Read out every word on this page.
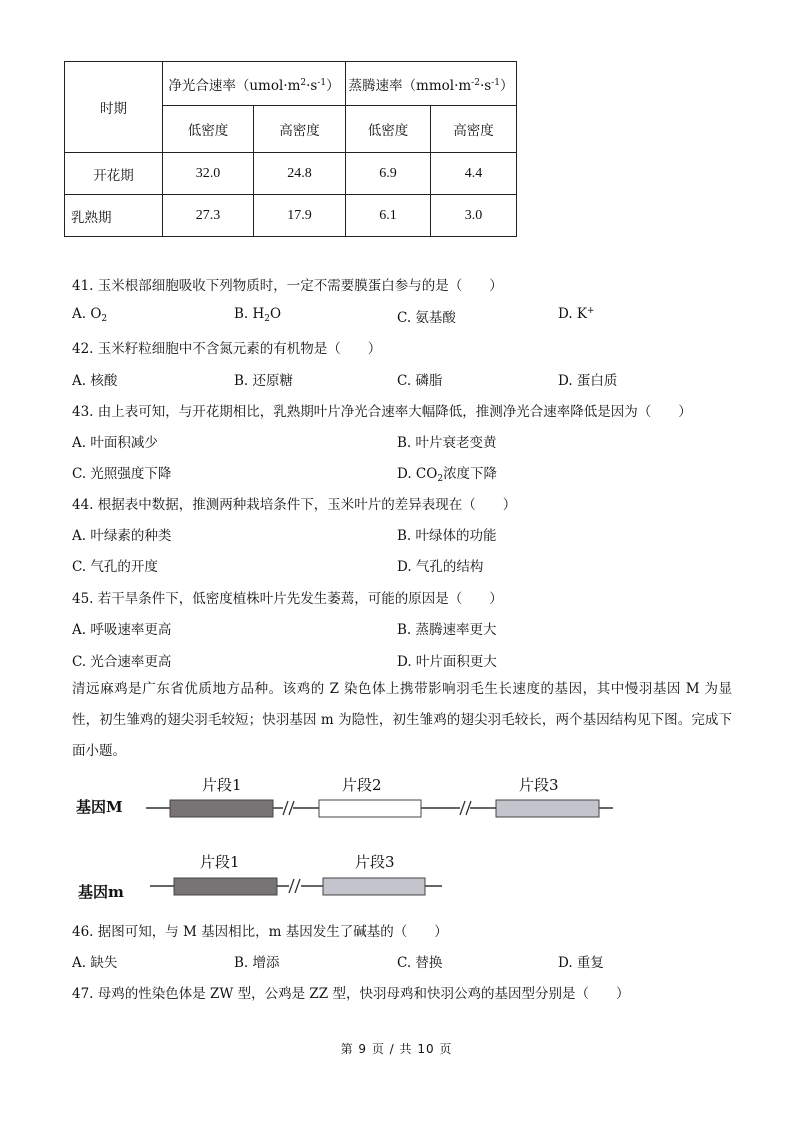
时期	净光合速率$(umol\cdot m^2\cdot s^{-1})$		蒸腾速率$(mmol\cdot m^{-2}\cdot s^{-1})$	
	低密度	高密度	低密度	高密度
开花期	32.0	24.8	6.9	4.4
乳熟期	27.3	17.9	6.1	3.0
41. 玉米根部细胞吸收下列物质时，一定不需要膜蛋白参与的是（　　）
A. $O_2$	B. $H_2O$	C. 氨基酸	D. K+
42. 玉米籽粒细胞中不含氮元素的有机物是（　　）
A. 核酸	B. 还原糖	C. 磷脂	D. 蛋白质
43. 由上表可知，与开花期相比，乳熟期叶片净光合速率大幅降低，推测净光合速率降低是因为（　　）
A. 叶面积减少	B. 叶片衰老变黄
C. 光照强度下降	D. $CO_2$浓度下降
44. 根据表中数据，推测两种栽培条件下，玉米叶片的差异表现在（　　）
A. 叶绿素的种类	B. 叶绿体的功能
C. 气孔的开度	D. 气孔的结构
45. 若干旱条件下，低密度植株叶片先发生萎蔫，可能的原因是（　　）
A. 呼吸速率更高	B. 蒸腾速率更大
C. 光合速率更高	D. 叶片面积更大
清远麻鸡是广东省优质地方品种。该鸡的 Z 染色体上携带影响羽毛生长速度的基因，其中慢羽基因 M 为显性，初生雏鸡的翅尖羽毛较短；快羽基因 m 为隐性，初生雏鸡的翅尖羽毛较长，两个基因结构见下图。完成下面小题。
基因M
片段1	片段2	片段3
基因m
片段1	片段3
46. 据图可知，与 M 基因相比，m 基因发生了碱基的（　　）
A. 缺失	B. 增添	C. 替换	D. 重复
47. 母鸡的性染色体是 ZW 型，公鸡是 ZZ 型，快羽母鸡和快羽公鸡的基因型分别是（　　）
第 9 页 / 共 10 页
